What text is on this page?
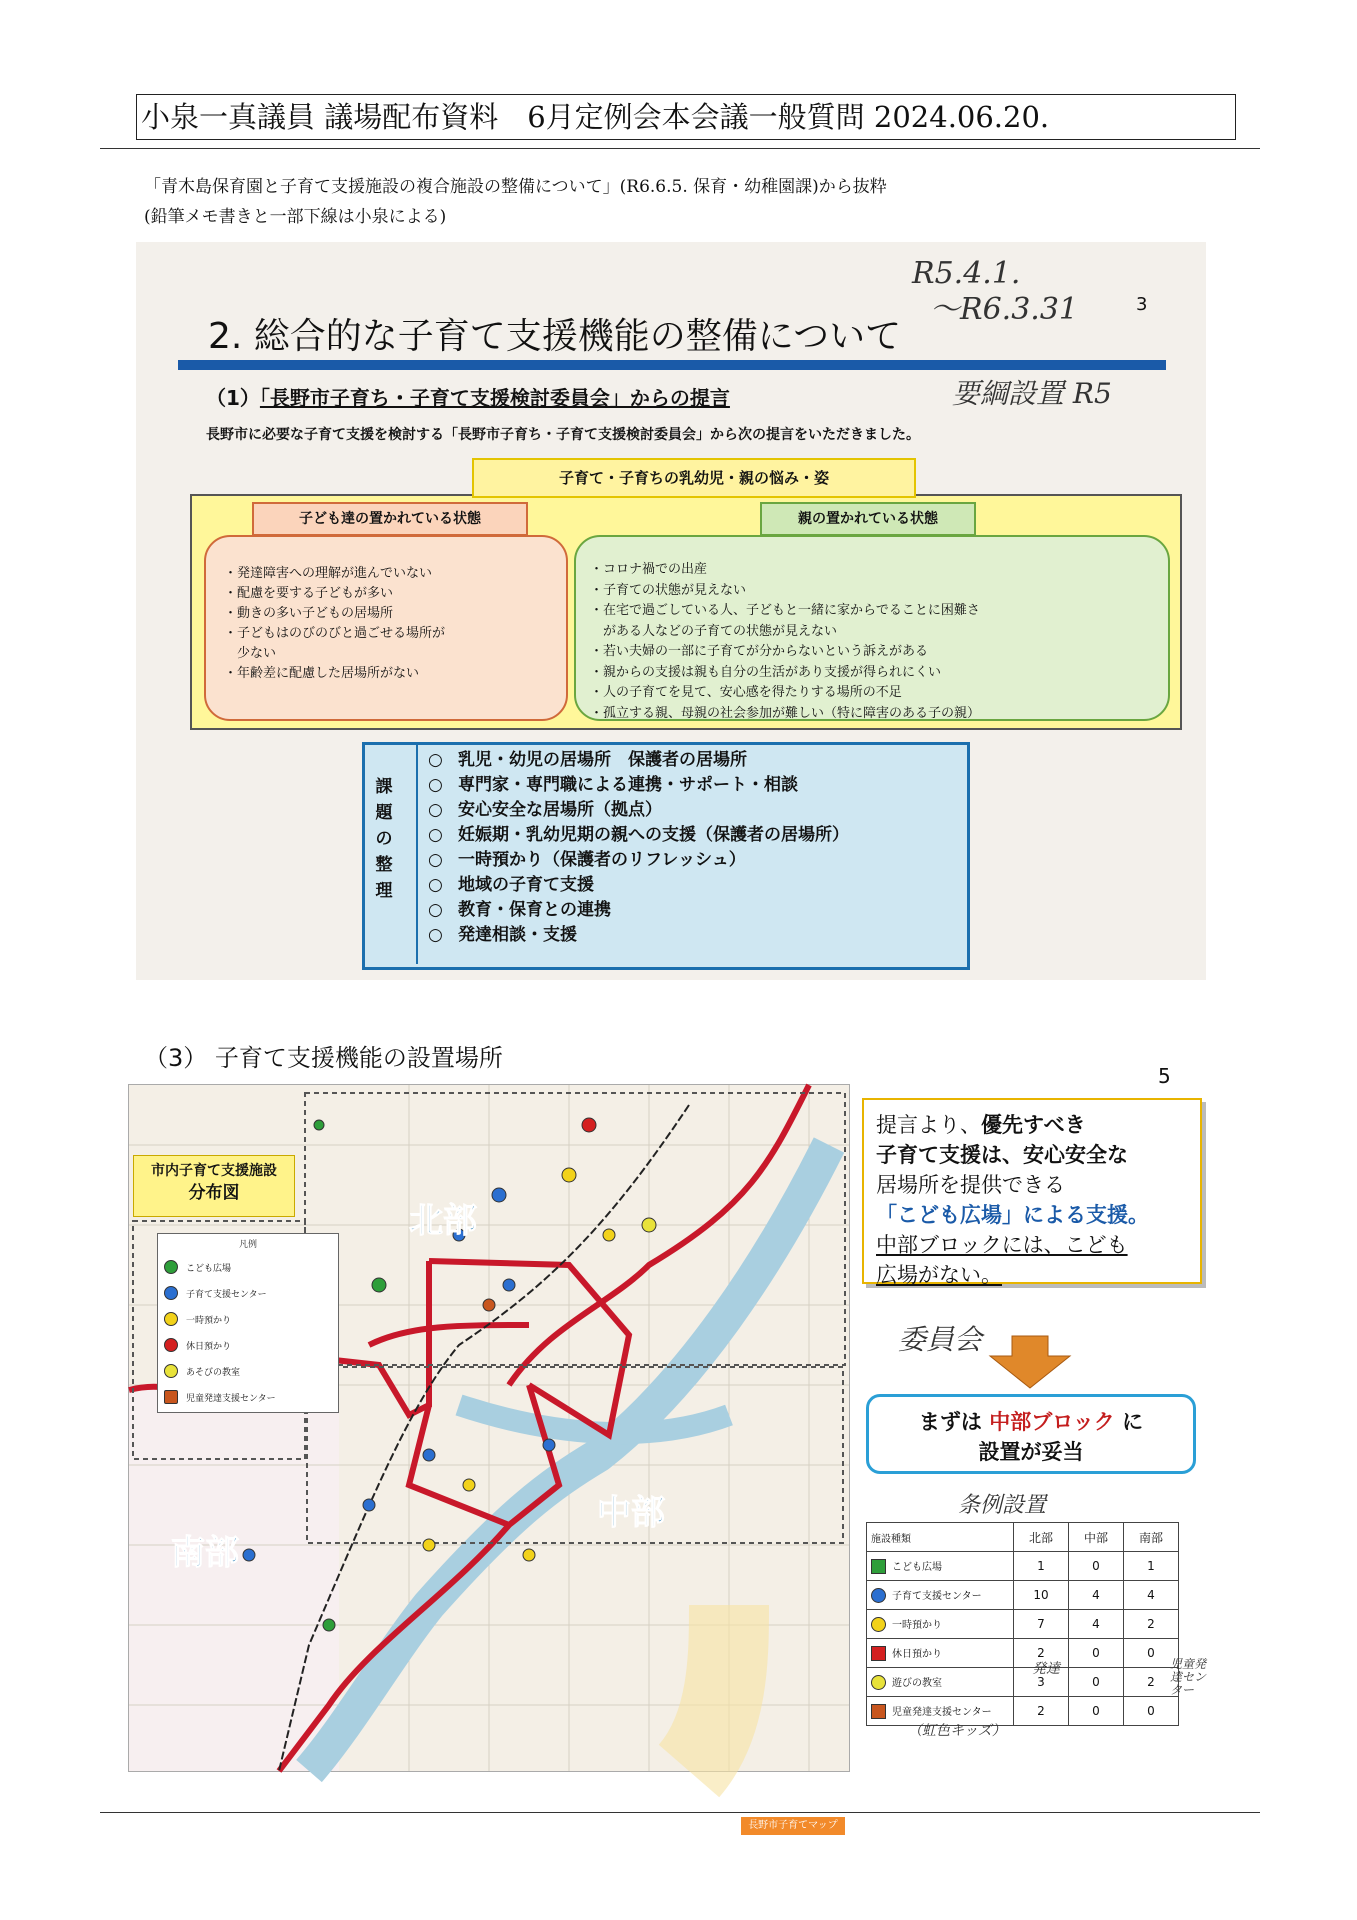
小泉一真議員 議場配布資料　6月定例会本会議一般質問 2024.06.20.
「青木島保育園と子育て支援施設の複合施設の整備について」(R6.6.5. 保育・幼稚園課)から抜粋
(鉛筆メモ書きと一部下線は小泉による)
R5.4.1.
～R6.3.31	3
2. 総合的な子育て支援機能の整備について
（1）「長野市子育ち・子育て支援検討委員会」からの提言	要綱設置 R5
長野市に必要な子育て支援を検討する「長野市子育ち・子育て支援検討委員会」から次の提言をいただきました。
子育て・子育ちの乳幼児・親の悩み・姿
子ども達の置かれている状態
・発達障害への理解が進んでいない
・配慮を要する子どもが多い
・動きの多い子どもの居場所
・子どもはのびのびと過ごせる場所が
　少ない
・年齢差に配慮した居場所がない
親の置かれている状態
・コロナ禍での出産
・子育ての状態が見えない
・在宅で過ごしている人、子どもと一緒に家からでることに困難さ
　がある人などの子育ての状態が見えない
・若い夫婦の一部に子育てが分からないという訴えがある
・親からの支援は親も自分の生活があり支援が得られにくい
・人の子育てを見て、安心感を得たりする場所の不足
・孤立する親、母親の社会参加が難しい（特に障害のある子の親）
課
題
の
整
理
○ 乳児・幼児の居場所　保護者の居場所
○ 専門家・専門職による連携・サポート・相談
○ 安心安全な居場所（拠点）
○ 妊娠期・乳幼児期の親への支援（保護者の居場所）
○ 一時預かり（保護者のリフレッシュ）
○ 地域の子育て支援
○ 教育・保育との連携
○ 発達相談・支援
（3） 子育て支援機能の設置場所
5
市内子育て支援施設
分布図
凡例
こども広場
子育て支援センター
一時預かり
休日預かり
あそびの教室
児童発達支援センター
北部
中部
南部
長野市子育てマップ
提言より、優先すべき
子育て支援は、安心安全な
居場所を提供できる
「こども広場」による支援。
中部ブロックには、こども
広場がない。
委員会
まずは 中部ブロック に
設置が妥当
条例設置
施設種類	北部	中部	南部
こども広場	1	0	1
子育て支援センター	10	4	4
一時預かり	7	4	2
休日預かり	2	0	0
遊びの教室	3	0	2
児童発達支援センター	2	0	0
発達	児童発達センター
（虹色キッズ）
